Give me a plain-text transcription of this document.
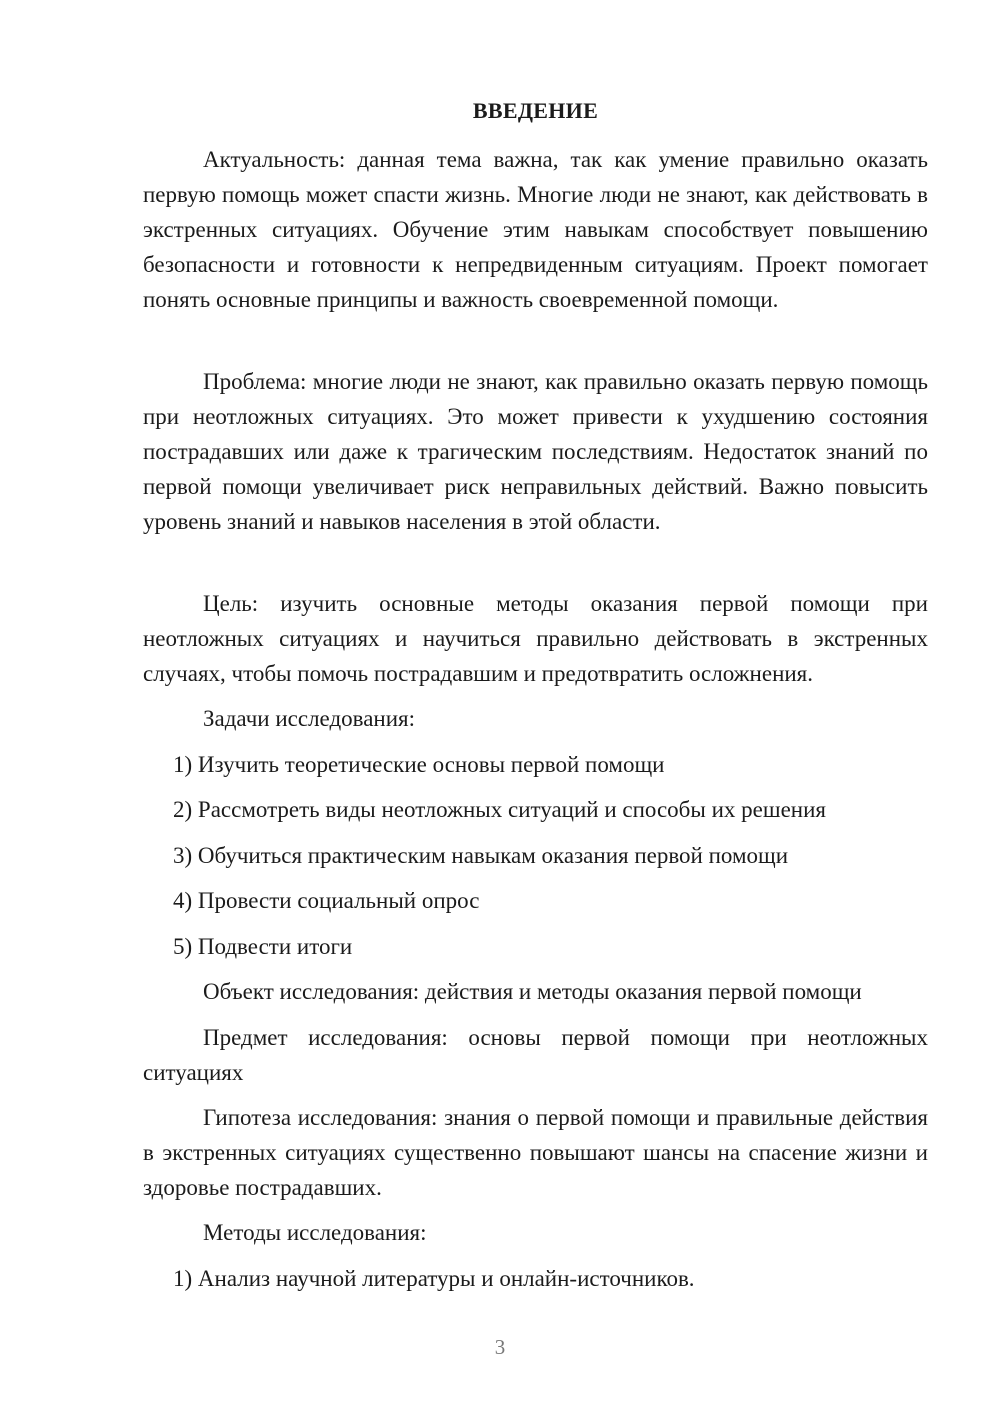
ВВЕДЕНИЕ

Актуальность: данная тема важна, так как умение правильно оказать первую помощь может спасти жизнь. Многие люди не знают, как действовать в экстренных ситуациях. Обучение этим навыкам способствует повышению безопасности и готовности к непредвиденным ситуациям. Проект помогает понять основные принципы и важность своевременной помощи.

Проблема: многие люди не знают, как правильно оказать первую помощь при неотложных ситуациях. Это может привести к ухудшению состояния пострадавших или даже к трагическим последствиям. Недостаток знаний по первой помощи увеличивает риск неправильных действий. Важно повысить уровень знаний и навыков населения в этой области.

Цель: изучить основные методы оказания первой помощи при неотложных ситуациях и научиться правильно действовать в экстренных случаях, чтобы помочь пострадавшим и предотвратить осложнения.

Задачи исследования:

1) Изучить теоретические основы первой помощи

2) Рассмотреть виды неотложных ситуаций и способы их решения

3) Обучиться практическим навыкам оказания первой помощи

4) Провести социальный опрос

5) Подвести итоги

Объект исследования: действия и методы оказания первой помощи

Предмет исследования: основы первой помощи при неотложных ситуациях

Гипотеза исследования: знания о первой помощи и правильные действия в экстренных ситуациях существенно повышают шансы на спасение жизни и здоровье пострадавших.

Методы исследования:

1) Анализ научной литературы и онлайн-источников.

3
